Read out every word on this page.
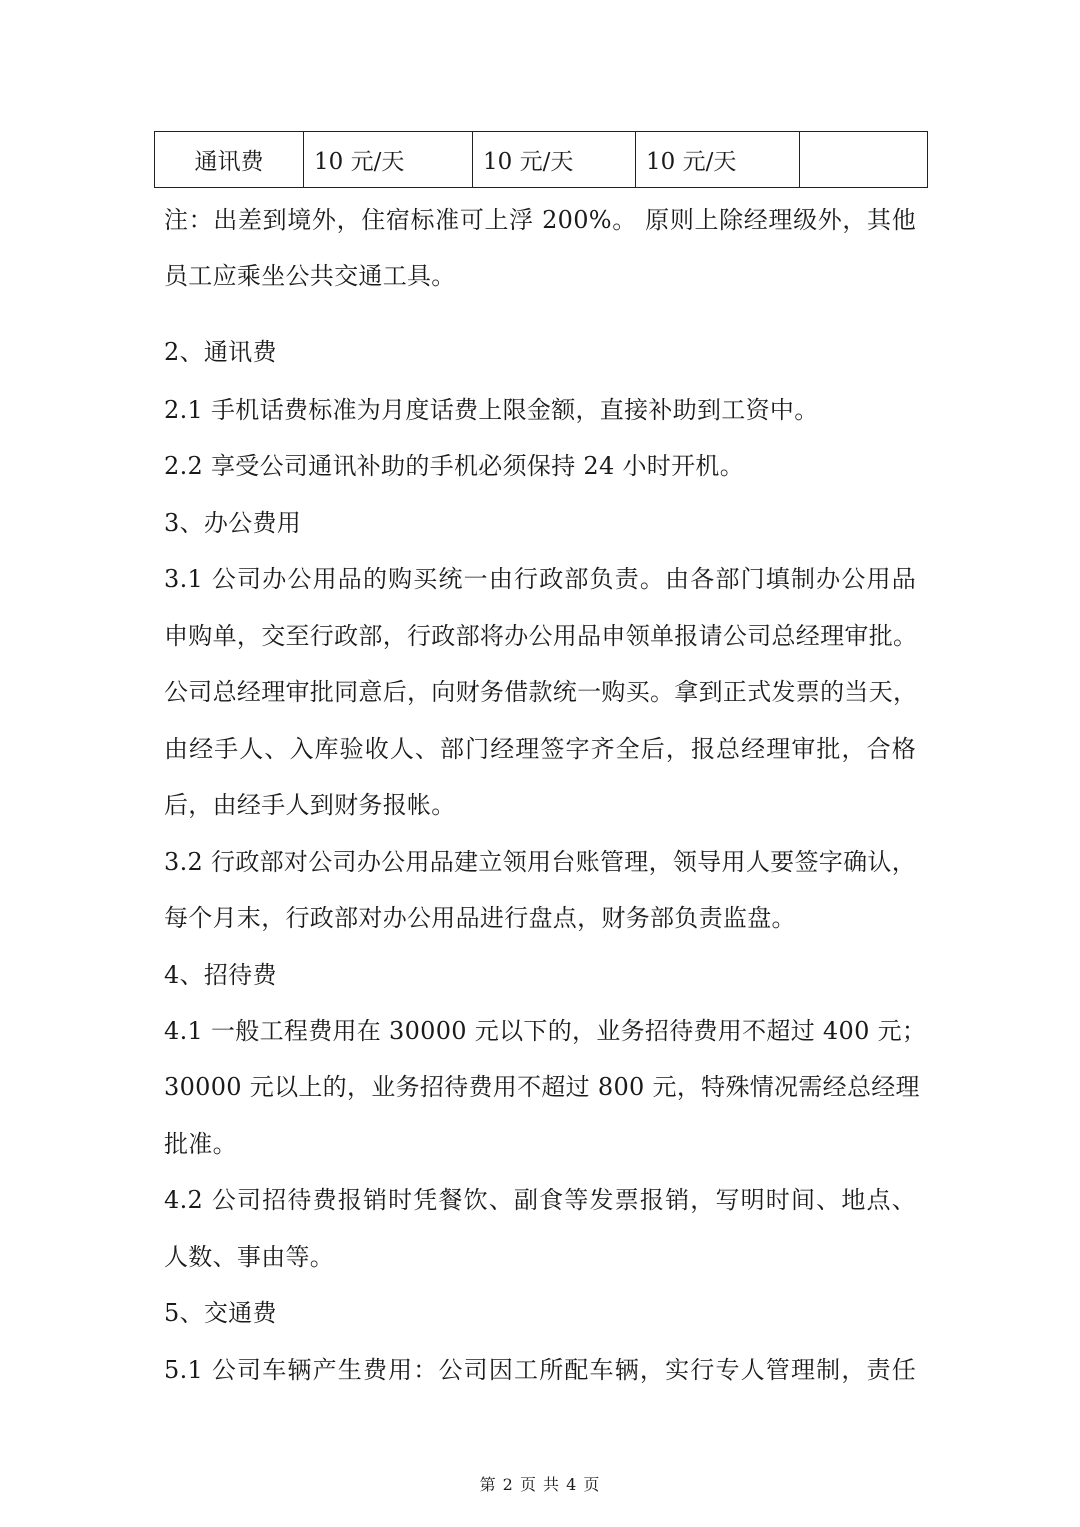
通讯费	10 元/天	10 元/天	10 元/天	
注：出差到境外，住宿标准可上浮 200%。 原则上除经理级外，其他
员工应乘坐公共交通工具。
2、通讯费
2.1 手机话费标准为月度话费上限金额，直接补助到工资中。
2.2 享受公司通讯补助的手机必须保持 24 小时开机。
3、办公费用
3.1 公司办公用品的购买统一由行政部负责。由各部门填制办公用品
申购单，交至行政部，行政部将办公用品申领单报请公司总经理审批。
公司总经理审批同意后，向财务借款统一购买。拿到正式发票的当天，
由经手人、入库验收人、部门经理签字齐全后，报总经理审批，合格
后，由经手人到财务报帐。
3.2 行政部对公司办公用品建立领用台账管理，领导用人要签字确认，
每个月末，行政部对办公用品进行盘点，财务部负责监盘。
4、招待费
4.1 一般工程费用在 30000 元以下的，业务招待费用不超过 400 元；
30000 元以上的，业务招待费用不超过 800 元，特殊情况需经总经理
批准。
4.2 公司招待费报销时凭餐饮、副食等发票报销，写明时间、地点、
人数、事由等。
5、交通费
5.1 公司车辆产生费用：公司因工所配车辆，实行专人管理制，责任
第 2 页 共 4 页
